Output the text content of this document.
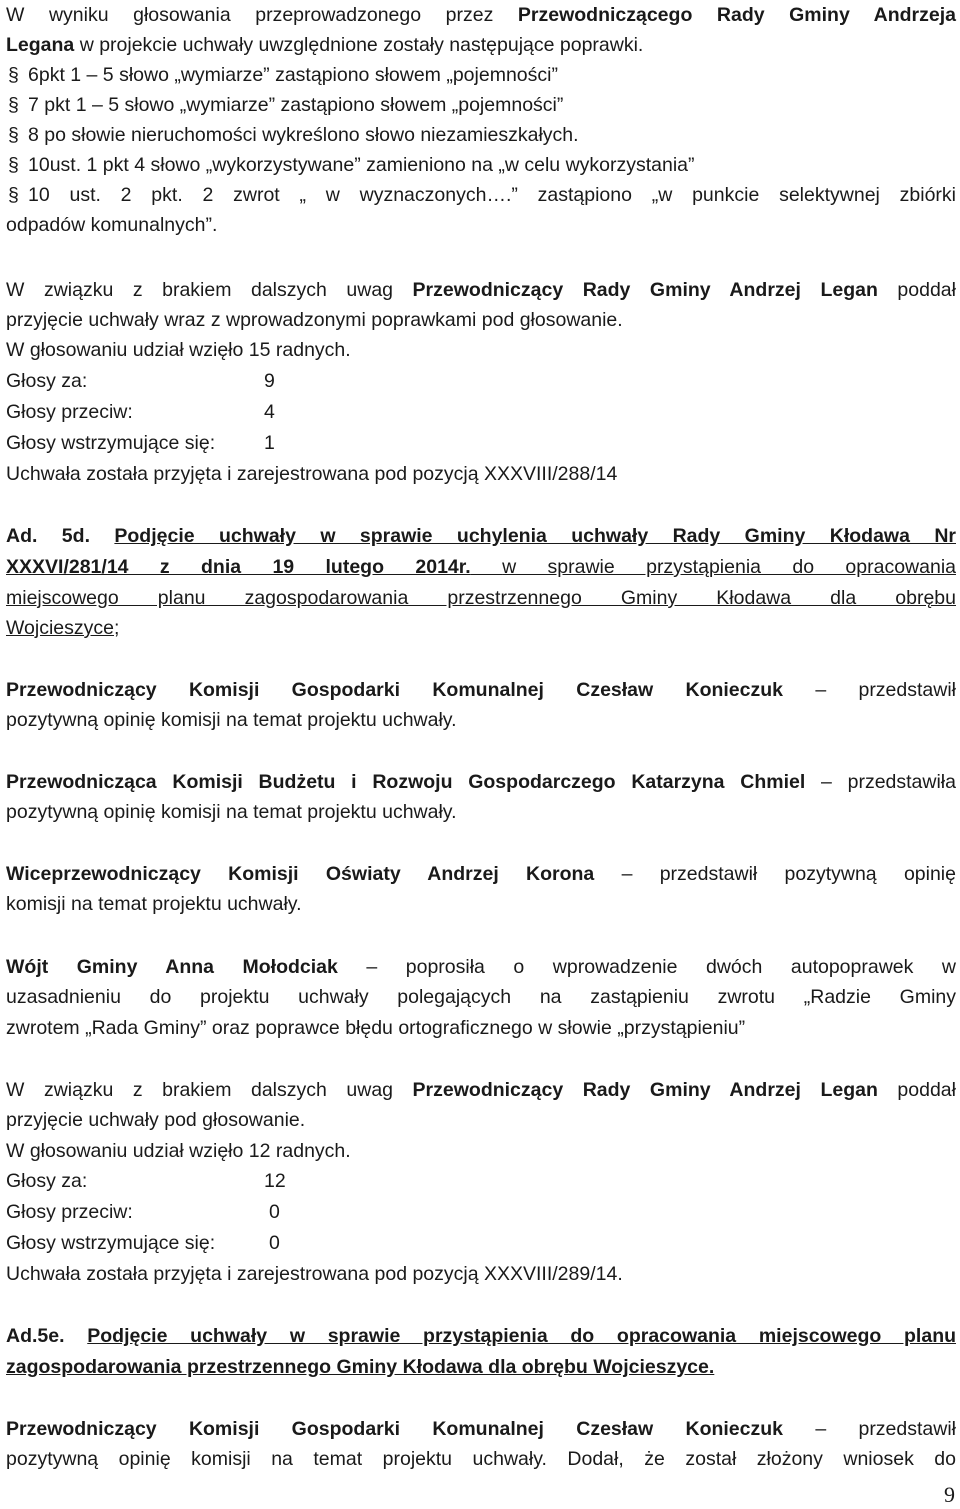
W wyniku głosowania przeprowadzonego przez Przewodniczącego Rady Gminy Andrzeja
Legana w projekcie uchwały uwzględnione zostały następujące poprawki.
§ 6pkt 1 – 5 słowo „wymiarze” zastąpiono słowem „pojemności”
§ 7 pkt 1 – 5 słowo „wymiarze” zastąpiono słowem „pojemności”
§ 8 po słowie nieruchomości wykreślono słowo niezamieszkałych.
§ 10ust. 1 pkt 4 słowo „wykorzystywane” zamieniono na „w celu wykorzystania”
§ 10 ust. 2 pkt. 2 zwrot „ w wyznaczonych….” zastąpiono „w punkcie selektywnej zbiórki
odpadów komunalnych”.
W związku z brakiem dalszych uwag Przewodniczący Rady Gminy Andrzej Legan poddał
przyjęcie uchwały wraz z wprowadzonymi poprawkami pod głosowanie.
W głosowaniu udział wzięło 15 radnych.
Głosy za:	9
Głosy przeciw:	4
Głosy wstrzymujące się:	1
Uchwała została przyjęta i zarejestrowana pod pozycją XXXVIII/288/14
Ad. 5d. Podjęcie uchwały w sprawie uchylenia uchwały Rady Gminy Kłodawa Nr
XXXVI/281/14 z dnia 19 lutego 2014r. w sprawie przystąpienia do opracowania
miejscowego planu zagospodarowania przestrzennego Gminy Kłodawa dla obrębu
Wojcieszyce;
Przewodniczący Komisji Gospodarki Komunalnej Czesław Konieczuk – przedstawił
pozytywną opinię komisji na temat projektu uchwały.
Przewodnicząca Komisji Budżetu i Rozwoju Gospodarczego Katarzyna Chmiel – przedstawiła
pozytywną opinię komisji na temat projektu uchwały.
Wiceprzewodniczący Komisji Oświaty Andrzej Korona – przedstawił pozytywną opinię
komisji na temat projektu uchwały.
Wójt Gminy Anna Mołodciak – poprosiła o wprowadzenie dwóch autopoprawek w
uzasadnieniu do projektu uchwały polegających na zastąpieniu zwrotu „Radzie Gminy
zwrotem „Rada Gminy” oraz poprawce błędu ortograficznego w słowie „przystąpieniu”
W związku z brakiem dalszych uwag Przewodniczący Rady Gminy Andrzej Legan poddał
przyjęcie uchwały pod głosowanie.
W głosowaniu udział wzięło 12 radnych.
Głosy za:	12
Głosy przeciw:	0
Głosy wstrzymujące się:	0
Uchwała została przyjęta i zarejestrowana pod pozycją XXXVIII/289/14.
Ad.5e. Podjęcie uchwały w sprawie przystąpienia do opracowania miejscowego planu
zagospodarowania przestrzennego Gminy Kłodawa dla obrębu Wojcieszyce.
Przewodniczący Komisji Gospodarki Komunalnej Czesław Konieczuk – przedstawił
pozytywną opinię komisji na temat projektu uchwały. Dodał, że został złożony wniosek do
9
